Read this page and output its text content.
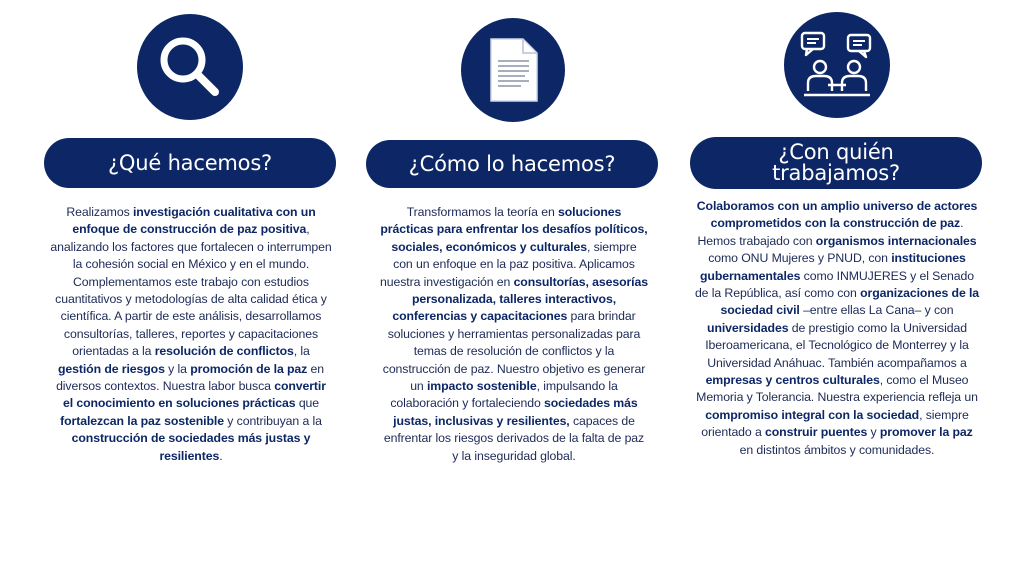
¿Qué hacemos?

Realizamos investigación cualitativa con un enfoque de construcción de paz positiva, analizando los factores que fortalecen o interrumpen la cohesión social en México y en el mundo. Complementamos este trabajo con estudios cuantitativos y metodologías de alta calidad ética y científica. A partir de este análisis, desarrollamos consultorías, talleres, reportes y capacitaciones orientadas a la resolución de conflictos, la gestión de riesgos y la promoción de la paz en diversos contextos. Nuestra labor busca convertir el conocimiento en soluciones prácticas que fortalezcan la paz sostenible y contribuyan a la construcción de sociedades más justas y resilientes.

¿Cómo lo hacemos?

Transformamos la teoría en soluciones prácticas para enfrentar los desafíos políticos, sociales, económicos y culturales, siempre con un enfoque en la paz positiva. Aplicamos nuestra investigación en consultorías, asesorías personalizada, talleres interactivos, conferencias y capacitaciones para brindar soluciones y herramientas personalizadas para temas de resolución de conflictos y la construcción de paz. Nuestro objetivo es generar un impacto sostenible, impulsando la colaboración y fortaleciendo sociedades más justas, inclusivas y resilientes, capaces de enfrentar los riesgos derivados de la falta de paz y la inseguridad global.

¿Con quién trabajamos?

Colaboramos con un amplio universo de actores comprometidos con la construcción de paz. Hemos trabajado con organismos internacionales como ONU Mujeres y PNUD, con instituciones gubernamentales como INMUJERES y el Senado de la República, así como con organizaciones de la sociedad civil –entre ellas La Cana– y con universidades de prestigio como la Universidad Iberoamericana, el Tecnológico de Monterrey y la Universidad Anáhuac. También acompañamos a empresas y centros culturales, como el Museo Memoria y Tolerancia. Nuestra experiencia refleja un compromiso integral con la sociedad, siempre orientado a construir puentes y promover la paz en distintos ámbitos y comunidades.
